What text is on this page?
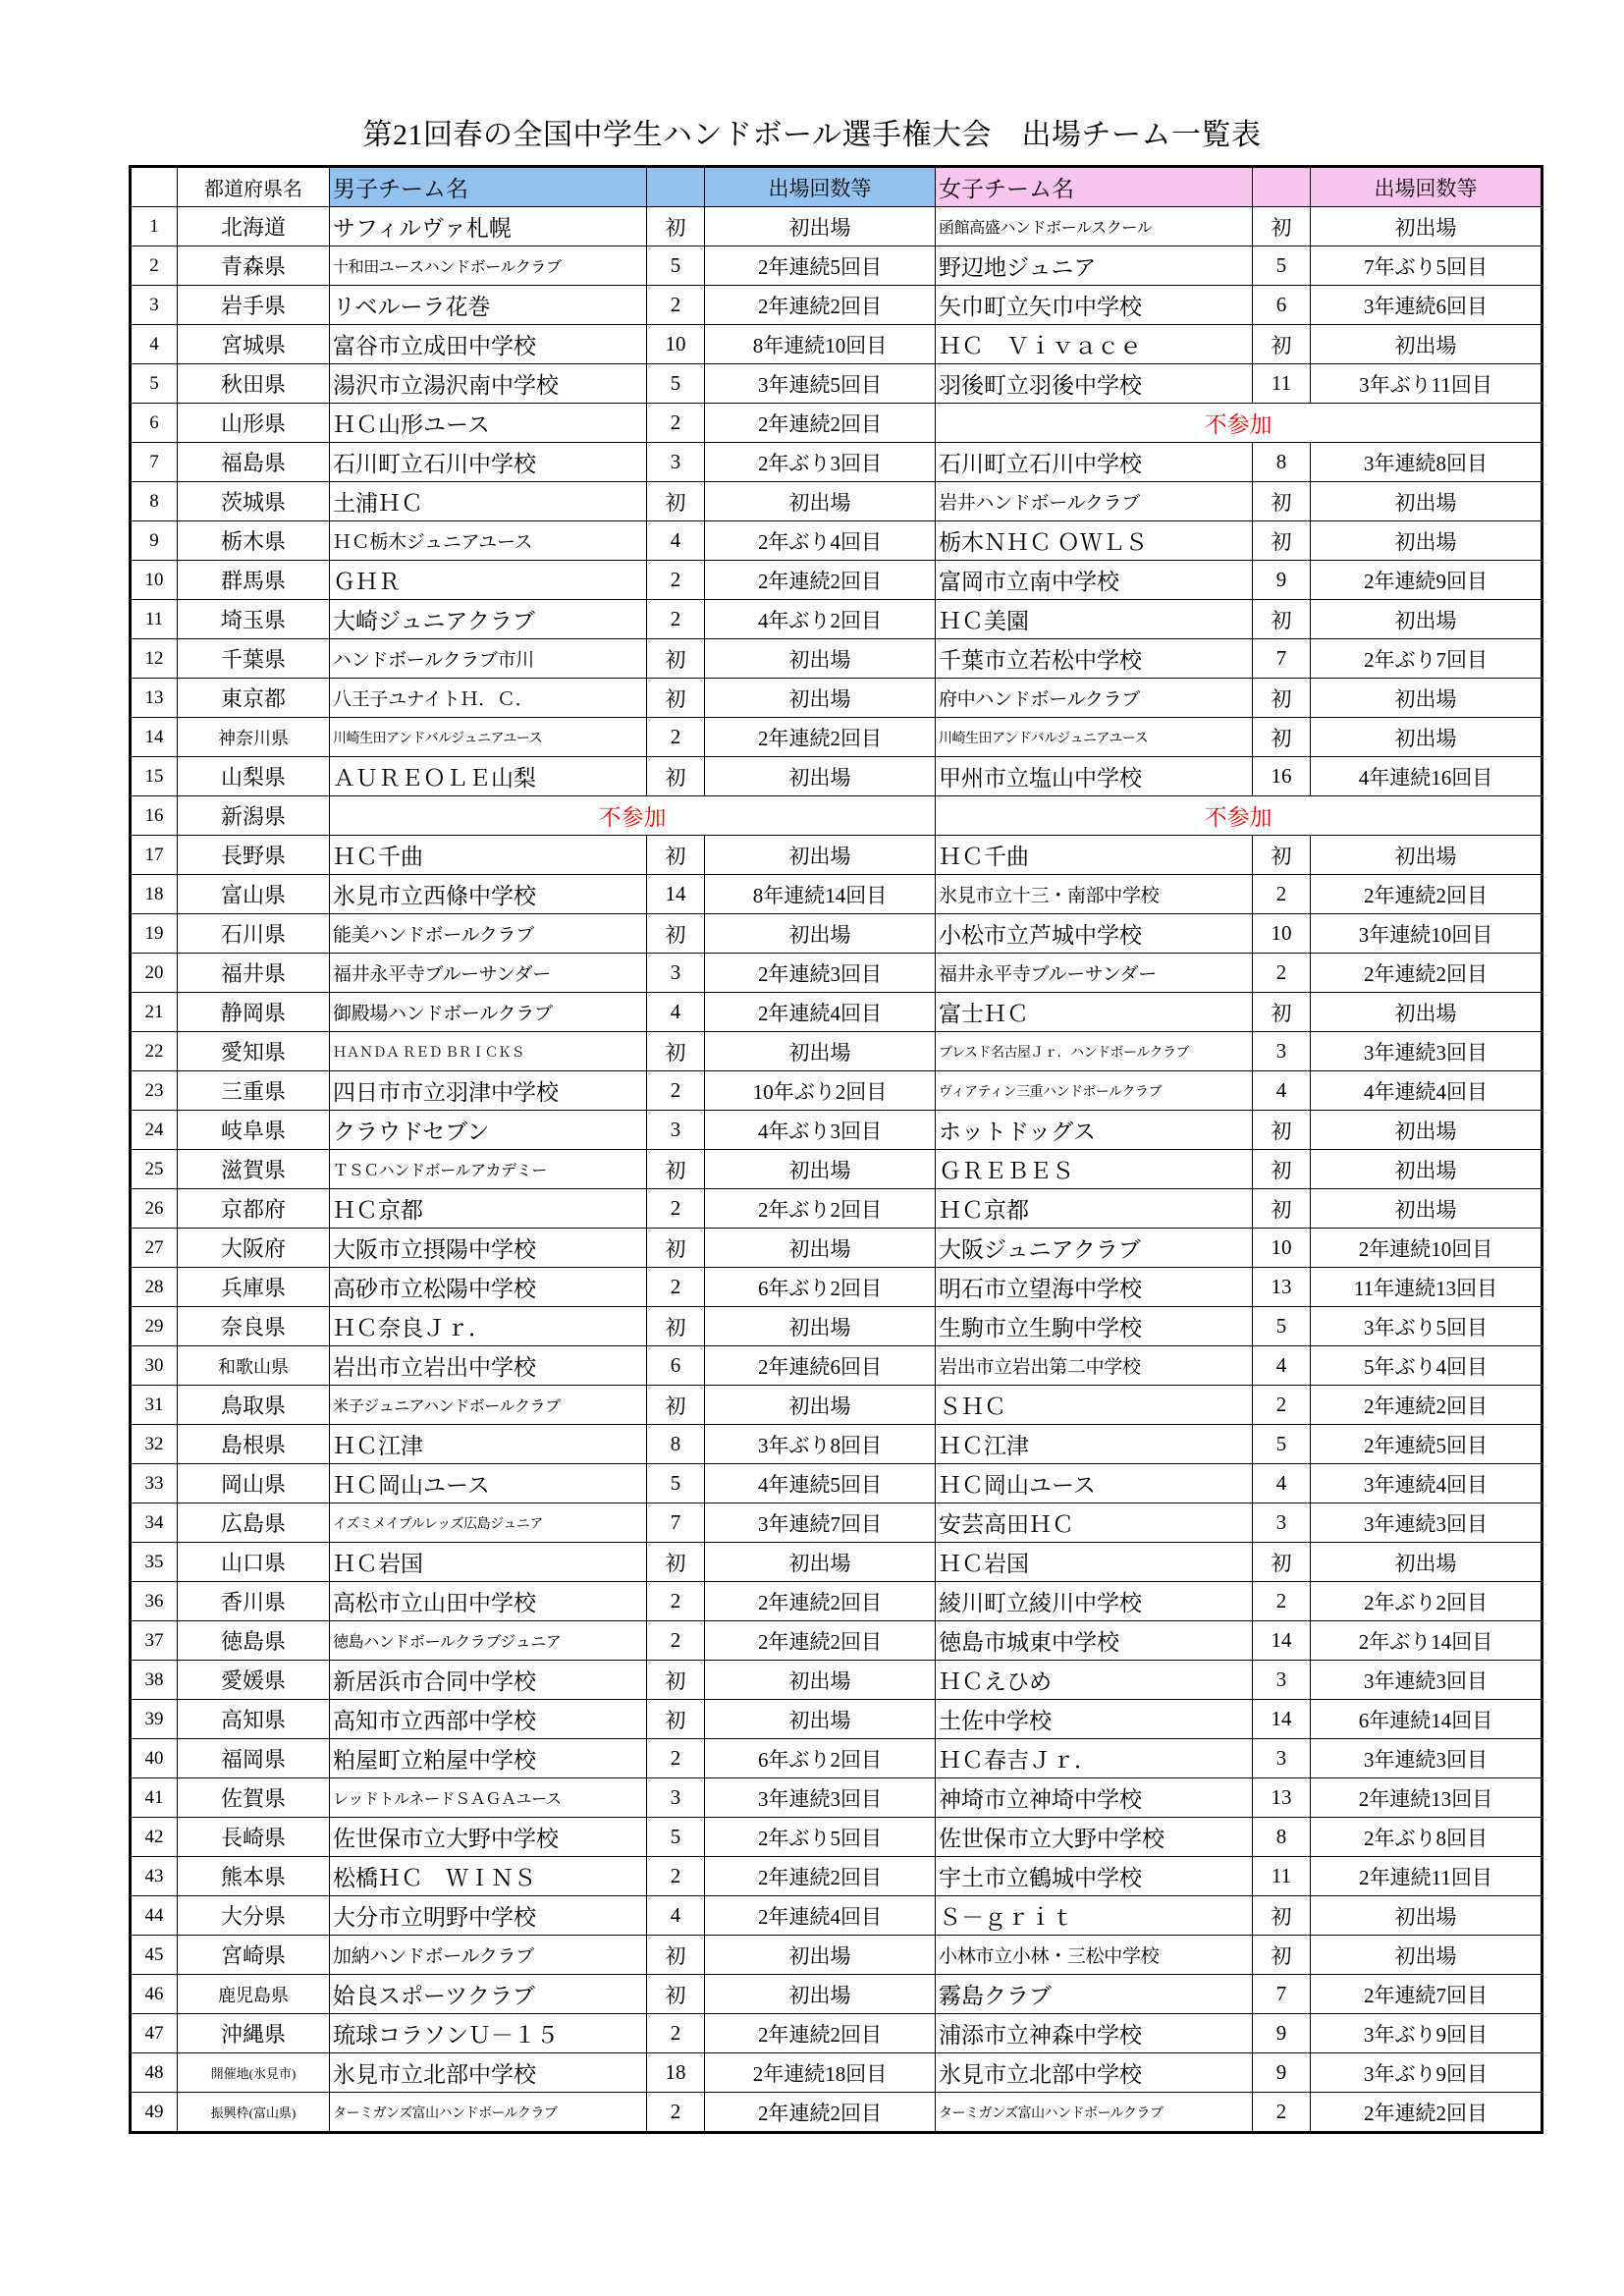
第21回春の全国中学生ハンドボール選手権大会　出場チーム一覧表
	都道府県名	男子チーム名		出場回数等	女子チーム名		出場回数等
1	北海道	サフィルヴァ札幌	初	初出場	函館高盛ハンドボールスクール	初	初出場
2	青森県	十和田ユースハンドボールクラブ	5	2年連続5回目	野辺地ジュニア	5	7年ぶり5回目
3	岩手県	リベルーラ花巻	2	2年連続2回目	矢巾町立矢巾中学校	6	3年連続6回目
4	宮城県	富谷市立成田中学校	10	8年連続10回目	ＨＣ　Ｖｉｖａｃｅ	初	初出場
5	秋田県	湯沢市立湯沢南中学校	5	3年連続5回目	羽後町立羽後中学校	11	3年ぶり11回目
6	山形県	ＨＣ山形ユース	2	2年連続2回目	不参加		
7	福島県	石川町立石川中学校	3	2年ぶり3回目	石川町立石川中学校	8	3年連続8回目
8	茨城県	土浦ＨＣ	初	初出場	岩井ハンドボールクラブ	初	初出場
9	栃木県	ＨＣ栃木ジュニアユース	4	2年ぶり4回目	栃木ＮＨＣ ＯＷＬＳ	初	初出場
10	群馬県	ＧＨＲ	2	2年連続2回目	富岡市立南中学校	9	2年連続9回目
11	埼玉県	大崎ジュニアクラブ	2	4年ぶり2回目	ＨＣ美園	初	初出場
12	千葉県	ハンドボールクラブ市川	初	初出場	千葉市立若松中学校	7	2年ぶり7回目
13	東京都	八王子ユナイトＨ．Ｃ．	初	初出場	府中ハンドボールクラブ	初	初出場
14	神奈川県	川崎生田アンドバルジュニアユース	2	2年連続2回目	川崎生田アンドバルジュニアユース	初	初出場
15	山梨県	ＡＵＲＥＯＬＥ山梨	初	初出場	甲州市立塩山中学校	16	4年連続16回目
16	新潟県	不参加			不参加		
17	長野県	ＨＣ千曲	初	初出場	ＨＣ千曲	初	初出場
18	富山県	氷見市立西條中学校	14	8年連続14回目	氷見市立十三・南部中学校	2	2年連続2回目
19	石川県	能美ハンドボールクラブ	初	初出場	小松市立芦城中学校	10	3年連続10回目
20	福井県	福井永平寺ブルーサンダー	3	2年連続3回目	福井永平寺ブルーサンダー	2	2年連続2回目
21	静岡県	御殿場ハンドボールクラブ	4	2年連続4回目	富士ＨＣ	初	初出場
22	愛知県	ＨＡＮＤＡ ＲＥＤ ＢＲＩＣＫＳ	初	初出場	ブレスド名古屋Ｊｒ．ハンドボールクラブ	3	3年連続3回目
23	三重県	四日市市立羽津中学校	2	10年ぶり2回目	ヴィアティン三重ハンドボールクラブ	4	4年連続4回目
24	岐阜県	クラウドセブン	3	4年ぶり3回目	ホットドッグス	初	初出場
25	滋賀県	ＴＳＣハンドボールアカデミー	初	初出場	ＧＲＥＢＥＳ	初	初出場
26	京都府	ＨＣ京都	2	2年ぶり2回目	ＨＣ京都	初	初出場
27	大阪府	大阪市立摂陽中学校	初	初出場	大阪ジュニアクラブ	10	2年連続10回目
28	兵庫県	高砂市立松陽中学校	2	6年ぶり2回目	明石市立望海中学校	13	11年連続13回目
29	奈良県	ＨＣ奈良Ｊｒ．	初	初出場	生駒市立生駒中学校	5	3年ぶり5回目
30	和歌山県	岩出市立岩出中学校	6	2年連続6回目	岩出市立岩出第二中学校	4	5年ぶり4回目
31	鳥取県	米子ジュニアハンドボールクラブ	初	初出場	ＳＨＣ	2	2年連続2回目
32	島根県	ＨＣ江津	8	3年ぶり8回目	ＨＣ江津	5	2年連続5回目
33	岡山県	ＨＣ岡山ユース	5	4年連続5回目	ＨＣ岡山ユース	4	3年連続4回目
34	広島県	イズミメイプルレッズ広島ジュニア	7	3年連続7回目	安芸高田ＨＣ	3	3年連続3回目
35	山口県	ＨＣ岩国	初	初出場	ＨＣ岩国	初	初出場
36	香川県	高松市立山田中学校	2	2年連続2回目	綾川町立綾川中学校	2	2年ぶり2回目
37	徳島県	徳島ハンドボールクラブジュニア	2	2年連続2回目	徳島市城東中学校	14	2年ぶり14回目
38	愛媛県	新居浜市合同中学校	初	初出場	ＨＣえひめ	3	3年連続3回目
39	高知県	高知市立西部中学校	初	初出場	土佐中学校	14	6年連続14回目
40	福岡県	粕屋町立粕屋中学校	2	6年ぶり2回目	ＨＣ春吉Ｊｒ．	3	3年連続3回目
41	佐賀県	レッドトルネードＳＡＧＡユース	3	3年連続3回目	神埼市立神埼中学校	13	2年連続13回目
42	長崎県	佐世保市立大野中学校	5	2年ぶり5回目	佐世保市立大野中学校	8	2年ぶり8回目
43	熊本県	松橋ＨＣ　ＷＩＮＳ	2	2年連続2回目	宇土市立鶴城中学校	11	2年連続11回目
44	大分県	大分市立明野中学校	4	2年連続4回目	Ｓ－ｇｒｉｔ	初	初出場
45	宮崎県	加納ハンドボールクラブ	初	初出場	小林市立小林・三松中学校	初	初出場
46	鹿児島県	姶良スポーツクラブ	初	初出場	霧島クラブ	7	2年連続7回目
47	沖縄県	琉球コラソンＵ－１５	2	2年連続2回目	浦添市立神森中学校	9	3年ぶり9回目
48	開催地(氷見市)	氷見市立北部中学校	18	2年連続18回目	氷見市立北部中学校	9	3年ぶり9回目
49	振興枠(富山県)	ターミガンズ富山ハンドボールクラブ	2	2年連続2回目	ターミガンズ富山ハンドボールクラブ	2	2年連続2回目
